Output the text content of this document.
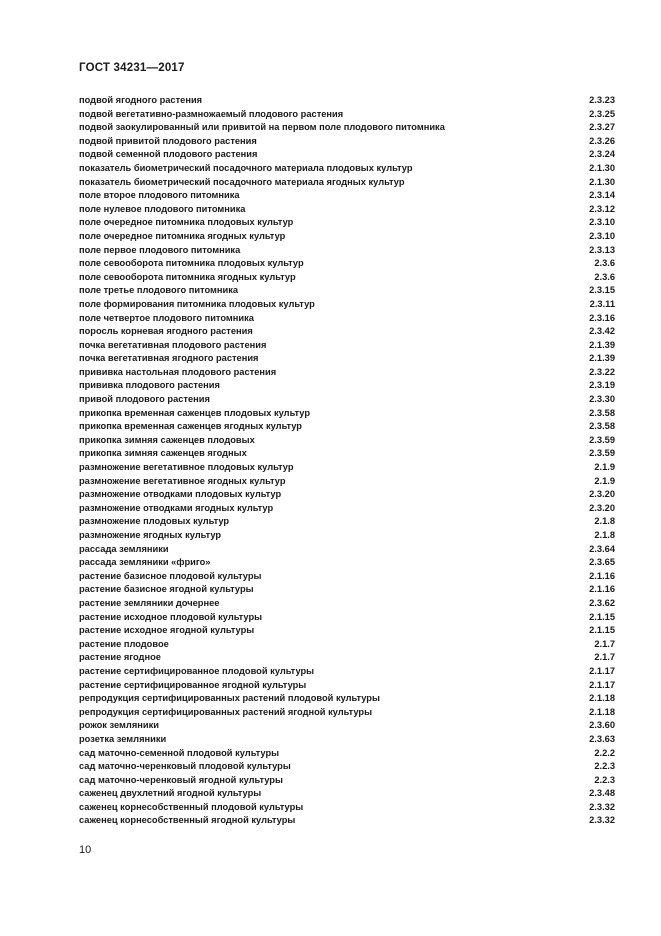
ГОСТ 34231—2017
подвой ягодного растения	2.3.23
подвой вегетативно-размножаемый плодового растения	2.3.25
подвой заокулированный или привитой на первом поле плодового питомника	2.3.27
подвой привитой плодового растения	2.3.26
подвой семенной плодового растения	2.3.24
показатель биометрический посадочного материала плодовых культур	2.1.30
показатель биометрический посадочного материала ягодных культур	2.1.30
поле второе плодового питомника	2.3.14
поле нулевое плодового питомника	2.3.12
поле очередное питомника плодовых культур	2.3.10
поле очередное питомника ягодных культур	2.3.10
поле первое плодового питомника	2.3.13
поле севооборота питомника плодовых культур	2.3.6
поле севооборота питомника ягодных культур	2.3.6
поле третье плодового питомника	2.3.15
поле формирования питомника плодовых культур	2.3.11
поле четвертое плодового питомника	2.3.16
поросль корневая ягодного растения	2.3.42
почка вегетативная плодового растения	2.1.39
почка вегетативная ягодного растения	2.1.39
прививка настольная плодового растения	2.3.22
прививка плодового растения	2.3.19
привой плодового растения	2.3.30
прикопка временная саженцев плодовых культур	2.3.58
прикопка временная саженцев ягодных культур	2.3.58
прикопка зимняя саженцев плодовых	2.3.59
прикопка зимняя саженцев ягодных	2.3.59
размножение вегетативное плодовых культур	2.1.9
размножение вегетативное ягодных культур	2.1.9
размножение отводками плодовых культур	2.3.20
размножение отводками ягодных культур	2.3.20
размножение плодовых культур	2.1.8
размножение ягодных культур	2.1.8
рассада земляники	2.3.64
рассада земляники «фриго»	2.3.65
растение базисное плодовой культуры	2.1.16
растение базисное ягодной культуры	2.1.16
растение земляники дочернее	2.3.62
растение исходное плодовой культуры	2.1.15
растение исходное ягодной культуры	2.1.15
растение плодовое	2.1.7
растение ягодное	2.1.7
растение сертифицированное плодовой культуры	2.1.17
растение сертифицированное ягодной культуры	2.1.17
репродукция сертифицированных растений плодовой культуры	2.1.18
репродукция сертифицированных растений ягодной культуры	2.1.18
рожок земляники	2.3.60
розетка земляники	2.3.63
сад маточно-семенной плодовой культуры	2.2.2
сад маточно-черенковый плодовой культуры	2.2.3
сад маточно-черенковый ягодной культуры	2.2.3
саженец двухлетний ягодной культуры	2.3.48
саженец корнесобственный плодовой культуры	2.3.32
саженец корнесобственный ягодной культуры	2.3.32
10
